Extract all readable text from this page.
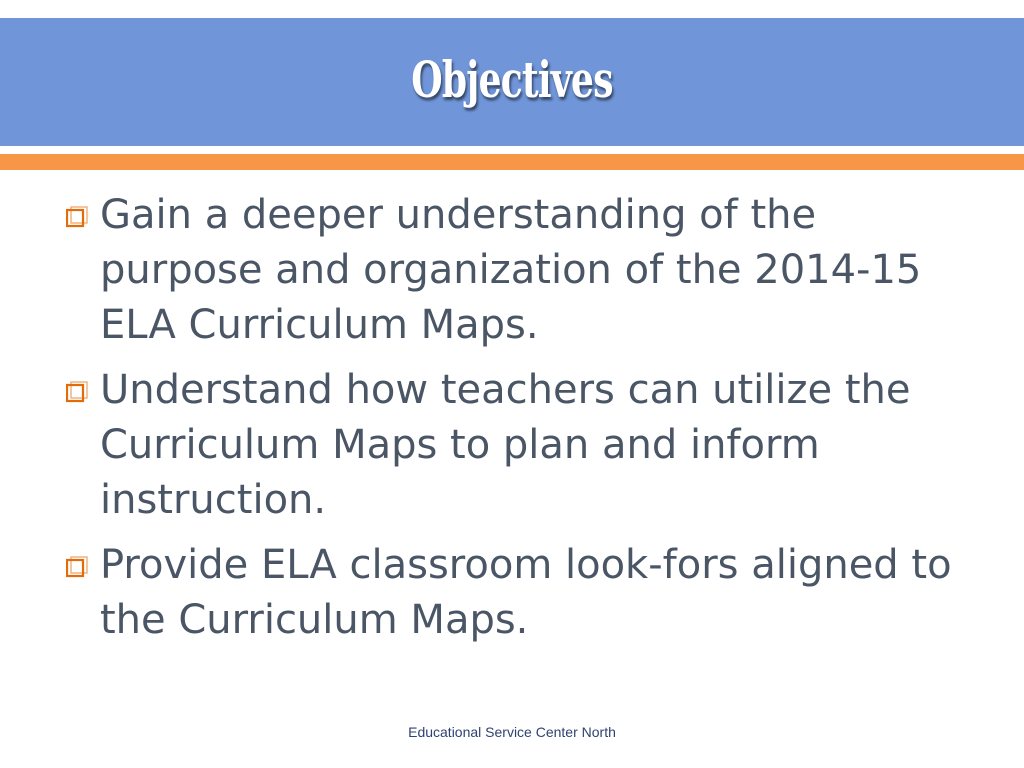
Objectives
Gain a deeper understanding of the purpose and organization of the 2014-15 ELA Curriculum Maps.
Understand how teachers can utilize the Curriculum Maps to plan and inform instruction.
Provide ELA classroom look-fors aligned to the Curriculum Maps.
Educational Service Center North
